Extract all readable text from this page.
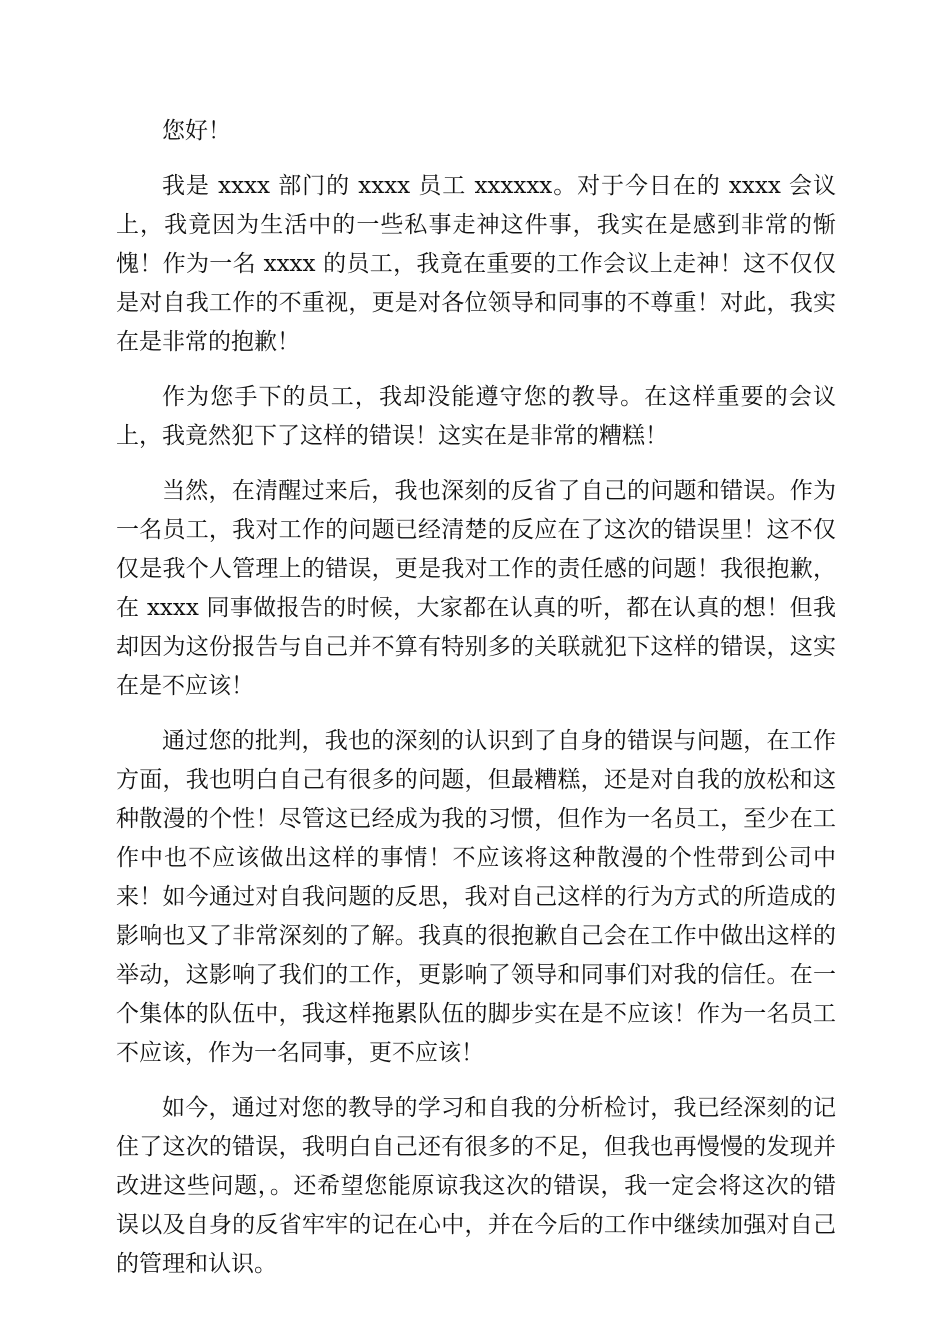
您好！

我是 xxxx 部门的 xxxx 员工 xxxxxx。对于今日在的 xxxx 会议上，我竟因为生活中的一些私事走神这件事，我实在是感到非常的惭愧！作为一名 xxxx 的员工，我竟在重要的工作会议上走神！这不仅仅是对自我工作的不重视，更是对各位领导和同事的不尊重！对此，我实在是非常的抱歉！

作为您手下的员工，我却没能遵守您的教导。在这样重要的会议上，我竟然犯下了这样的错误！这实在是非常的糟糕！

当然，在清醒过来后，我也深刻的反省了自己的问题和错误。作为一名员工，我对工作的问题已经清楚的反应在了这次的错误里！这不仅仅是我个人管理上的错误，更是我对工作的责任感的问题！我很抱歉，在 xxxx 同事做报告的时候，大家都在认真的听，都在认真的想！但我却因为这份报告与自己并不算有特别多的关联就犯下这样的错误，这实在是不应该！

通过您的批判，我也的深刻的认识到了自身的错误与问题，在工作方面，我也明白自己有很多的问题，但最糟糕，还是对自我的放松和这种散漫的个性！尽管这已经成为我的习惯，但作为一名员工，至少在工作中也不应该做出这样的事情！不应该将这种散漫的个性带到公司中来！如今通过对自我问题的反思，我对自己这样的行为方式的所造成的影响也又了非常深刻的了解。我真的很抱歉自己会在工作中做出这样的举动，这影响了我们的工作，更影响了领导和同事们对我的信任。在一个集体的队伍中，我这样拖累队伍的脚步实在是不应该！作为一名员工不应该，作为一名同事，更不应该！

如今，通过对您的教导的学习和自我的分析检讨，我已经深刻的记住了这次的错误，我明白自己还有很多的不足，但我也再慢慢的发现并改进这些问题，。还希望您能原谅我这次的错误，我一定会将这次的错误以及自身的反省牢牢的记在心中，并在今后的工作中继续加强对自己的管理和认识。
